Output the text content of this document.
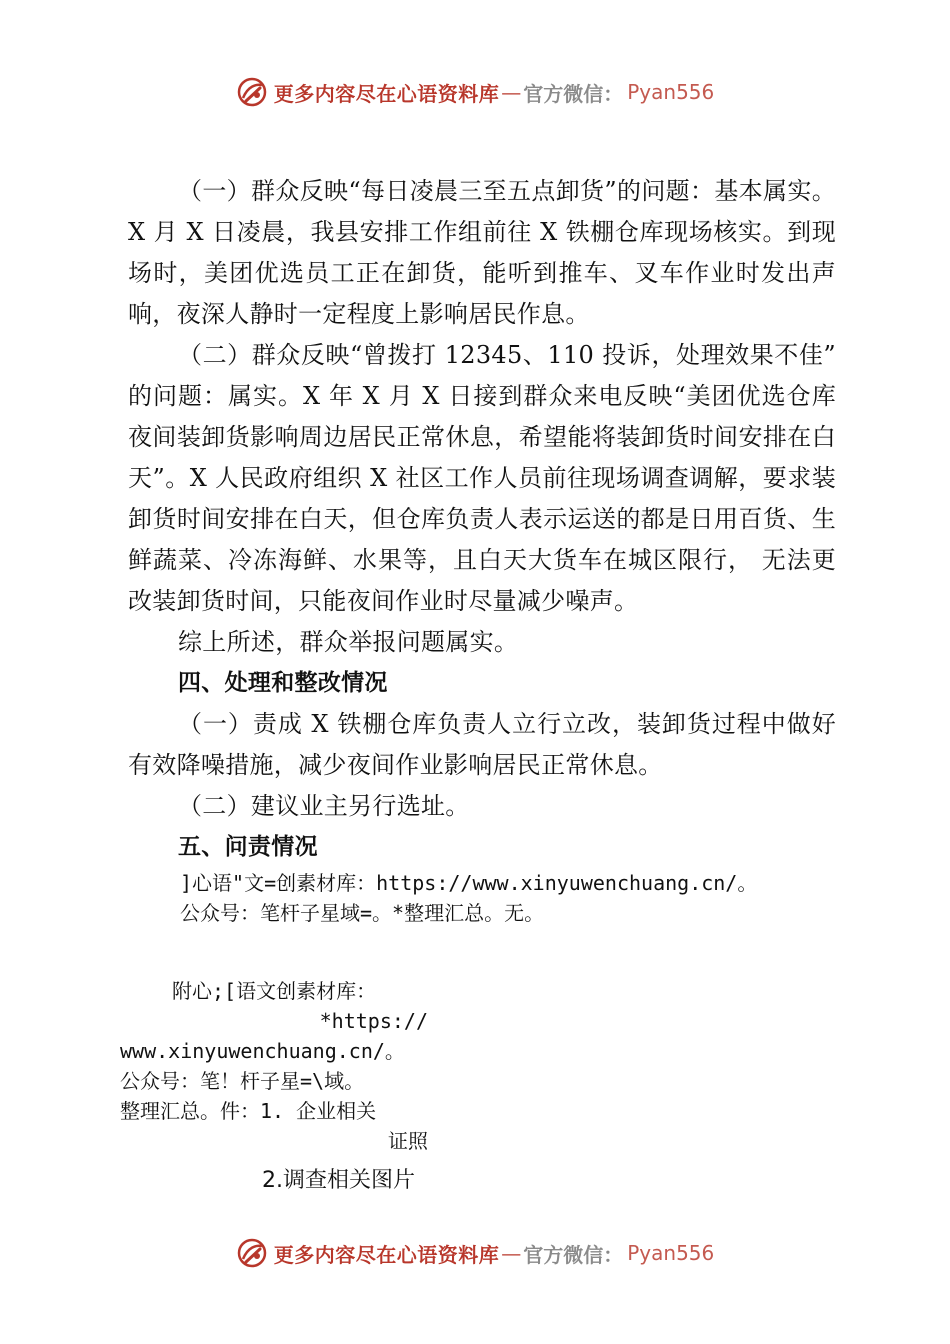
更多内容尽在心语资料库 — 官方微信： Pyan556

（一）群众反映“每日凌晨三至五点卸货”的问题：基本属实。X 月 X 日凌晨，我县安排工作组前往 X 铁棚仓库现场核实。到现场时，美团优选员工正在卸货，能听到推车、叉车作业时发出声响，夜深人静时一定程度上影响居民作息。

（二）群众反映“曾拨打 12345、110 投诉，处理效果不佳” 的问题：属实。X 年 X 月 X 日接到群众来电反映“美团优选仓库夜间装卸货影响周边居民正常休息，希望能将装卸货时间安排在白天”。X 人民政府组织 X 社区工作人员前往现场调查调解，要求装卸货时间安排在白天，但仓库负责人表示运送的都是日用百货、生鲜蔬菜、冷冻海鲜、水果等，且白天大货车在城区限行， 无法更改装卸货时间，只能夜间作业时尽量减少噪声。

综上所述，群众举报问题属实。

四、处理和整改情况

（一）责成 X 铁棚仓库负责人立行立改，装卸货过程中做好有效降噪措施，减少夜间作业影响居民正常休息。

（二）建议业主另行选址。

五、问责情况

]心语"文=创素材库：https://www.xinyuwenchuang.cn/。
公众号：笔杆子星域=。*整理汇总。无。
附心;[语文创素材库：
*https://
www.xinyuwenchuang.cn/。
公众号：笔！杆子星=\域。
整理汇总。件：1. 企业相关
证照
2.调查相关图片
更多内容尽在心语资料库 — 官方微信： Pyan556
